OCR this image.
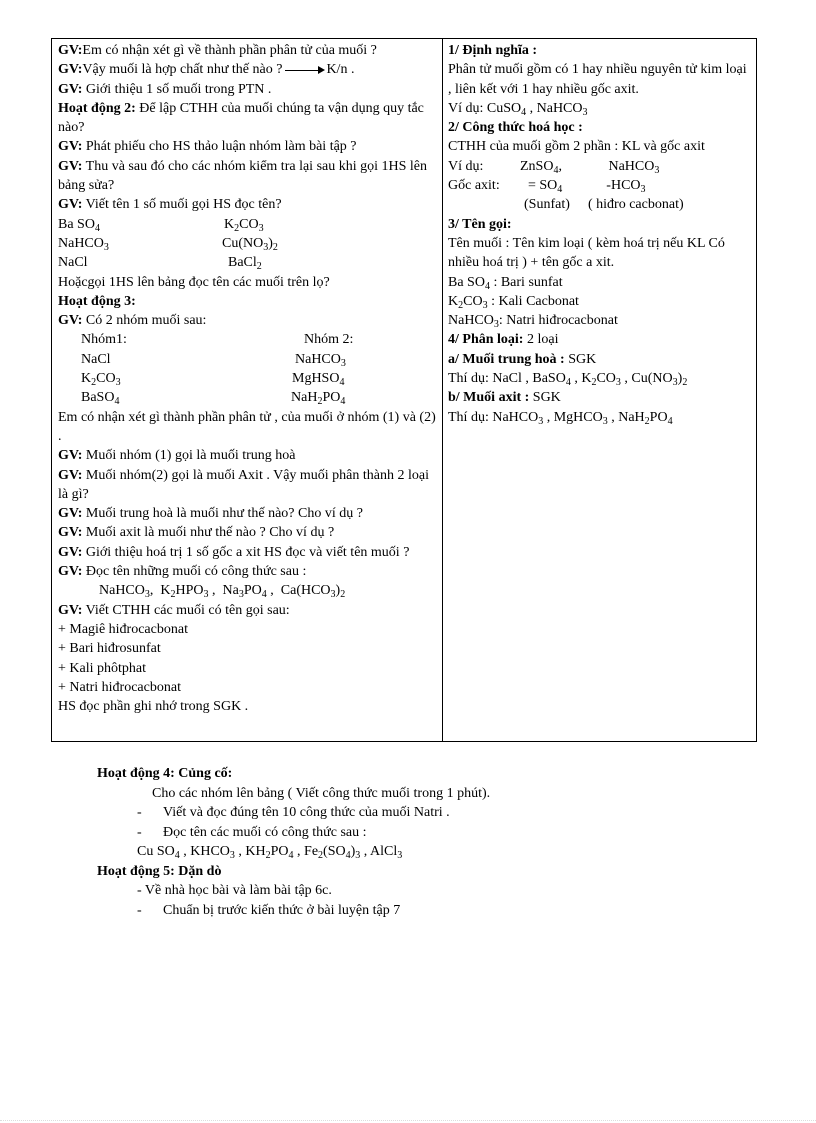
GV:Em có nhận xét gì về thành phần phân tử của muối ?
GV:Vậy muối là hợp chất như thế nào ?	K/n .
GV: Giới thiệu 1 số muối trong PTN .
Hoạt động 2: Để lập CTHH của muối chúng ta vận dụng quy tắc nào?
GV: Phát phiếu cho HS thảo luận nhóm làm bài tập ?
GV: Thu và sau đó cho các nhóm kiểm tra lại sau khi gọi 1HS lên bảng sửa?
GV: Viết tên 1 số muối gọi HS đọc tên?
Ba $SO_4$	$K_2CO_3$
NaHCO$_3$	$Cu(NO_3)_2$
NaCl	BaCl$_2$
Hoặcgọi 1HS lên bảng đọc tên các muối trên lọ?
Hoạt động 3:
GV: Có 2 nhóm muối sau:
Nhóm1:	Nhóm 2:
NaCl	NaHCO$_3$
$K_2CO_3$	MgHSO$_4$
BaSO$_4$	$NaH_2PO_4$
Em có nhận xét gì thành phần phân tử , của muối ở nhóm (1) và (2) .
GV: Muối nhóm (1) gọi là muối trung hoà
GV: Muối nhóm(2) gọi là muối Axit . Vậy muối phân thành 2 loại là gì?
GV: Muối trung hoà là muối như thế nào? Cho ví dụ ?
GV: Muối axit là muối như thế nào ? Cho ví dụ ?
GV: Giới thiệu hoá trị 1 số gốc a xit HS đọc và viết tên muối ?
GV: Đọc tên những muối có công thức sau :
NaHCO$_3$,  $K_2HPO_3$ ,  $Na_3PO_4$ ,  $Ca(HCO_3)_2$
GV: Viết CTHH các muối có tên gọi sau:
+ Magiê hiđrocacbonat
+ Bari hiđrosunfat
+ Kali phôtphat
+ Natri hiđrocacbonat
HS đọc phần ghi nhớ trong SGK .
1/ Định nghĩa :
Phân tử muối gồm có 1 hay nhiều nguyên tử kim loại , liên kết với 1 hay nhiều gốc axit.
Ví dụ: CuSO$_4$ , NaHCO$_3$
2/ Công thức hoá học :
CTHH của muối gồm 2 phần : KL và gốc axit
Ví dụ:	ZnSO$_4$,	NaHCO$_3$
Gốc axit: = $SO_4$	$-HCO_3$
(Sunfat) ( hiđro cacbonat)
3/ Tên gọi:
Tên muối : Tên kim loại ( kèm hoá trị nếu KL Có nhiều hoá trị ) + tên gốc a xit.
Ba $SO_4$ : Bari sunfat
$K_2CO_3$ : Kali Cacbonat
NaHCO$_3$: Natri hiđrocacbonat
4/ Phân loại: 2 loại
a/ Muối trung hoà : SGK
Thí dụ: NaCl , BaSO$_4$ , $K_2CO_3$ , $Cu(NO_3)_2$
b/ Muối axit : SGK
Thí dụ: NaHCO$_3$ , MgHCO$_3$ , $NaH_2PO_4$
Hoạt động 4: Củng cố:
Cho các nhóm lên bảng ( Viết công thức muối trong 1 phút).
- Viết và đọc đúng tên 10 công thức của muối Natri .
- Đọc tên các muối có công thức sau :
Cu $SO_4$ , $KHCO_3$ , $KH_2PO_4$ , $Fe_2(SO_4)_3$ , AlCl$_3$
Hoạt động 5: Dặn dò
- Về nhà học bài và làm bài tập 6c.
- Chuẩn bị trước kiến thức ở bài luyện tập 7
